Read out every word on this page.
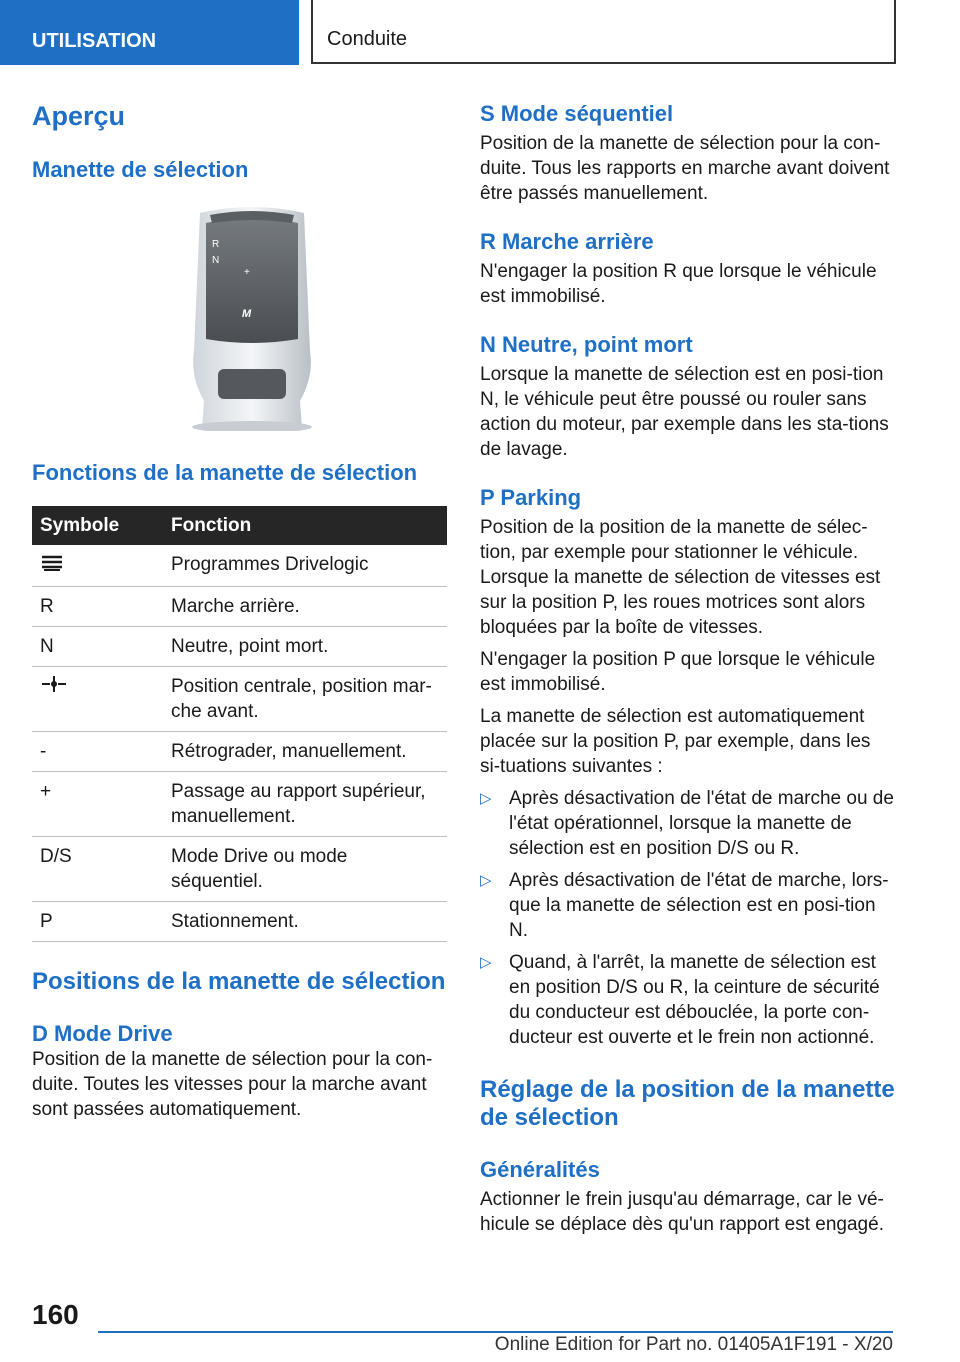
UTILISATION	Conduite
Aperçu
Manette de sélection
R
N
+
M
Fonctions de la manette de sélection
Symbole	Fonction
	Programmes Drivelogic
R	Marche arrière.
N	Neutre, point mort.
	Position centrale, position mar-che avant.
-	Rétrograder, manuellement.
+	Passage au rapport supérieur, manuellement.
D/S	Mode Drive ou mode séquentiel.
P	Stationnement.
Positions de la manette de sélection
D Mode Drive

Position de la manette de sélection pour la con-duite. Toutes les vitesses pour la marche avant sont passées automatiquement.

S Mode séquentiel

Position de la manette de sélection pour la con-duite. Tous les rapports en marche avant doivent être passés manuellement.

R Marche arrière

N'engager la position R que lorsque le véhicule est immobilisé.

N Neutre, point mort

Lorsque la manette de sélection est en posi-tion N, le véhicule peut être poussé ou rouler sans action du moteur, par exemple dans les sta-tions de lavage.

P Parking

Position de la position de la manette de sélec-tion, par exemple pour stationner le véhicule. Lorsque la manette de sélection de vitesses est sur la position P, les roues motrices sont alors bloquées par la boîte de vitesses.

N'engager la position P que lorsque le véhicule est immobilisé.

La manette de sélection est automatiquement placée sur la position P, par exemple, dans les si-tuations suivantes :

▷ Après désactivation de l'état de marche ou de l'état opérationnel, lorsque la manette de sélection est en position D/S ou R.
▷ Après désactivation de l'état de marche, lors-que la manette de sélection est en posi-tion N.
▷ Quand, à l'arrêt, la manette de sélection est en position D/S ou R, la ceinture de sécurité du conducteur est débouclée, la porte con-ducteur est ouverte et le frein non actionné.
Réglage de la position de la manette de sélection
Généralités

Actionner le frein jusqu'au démarrage, car le vé-hicule se déplace dès qu'un rapport est engagé.

160
Online Edition for Part no. 01405A1F191 - X/20
